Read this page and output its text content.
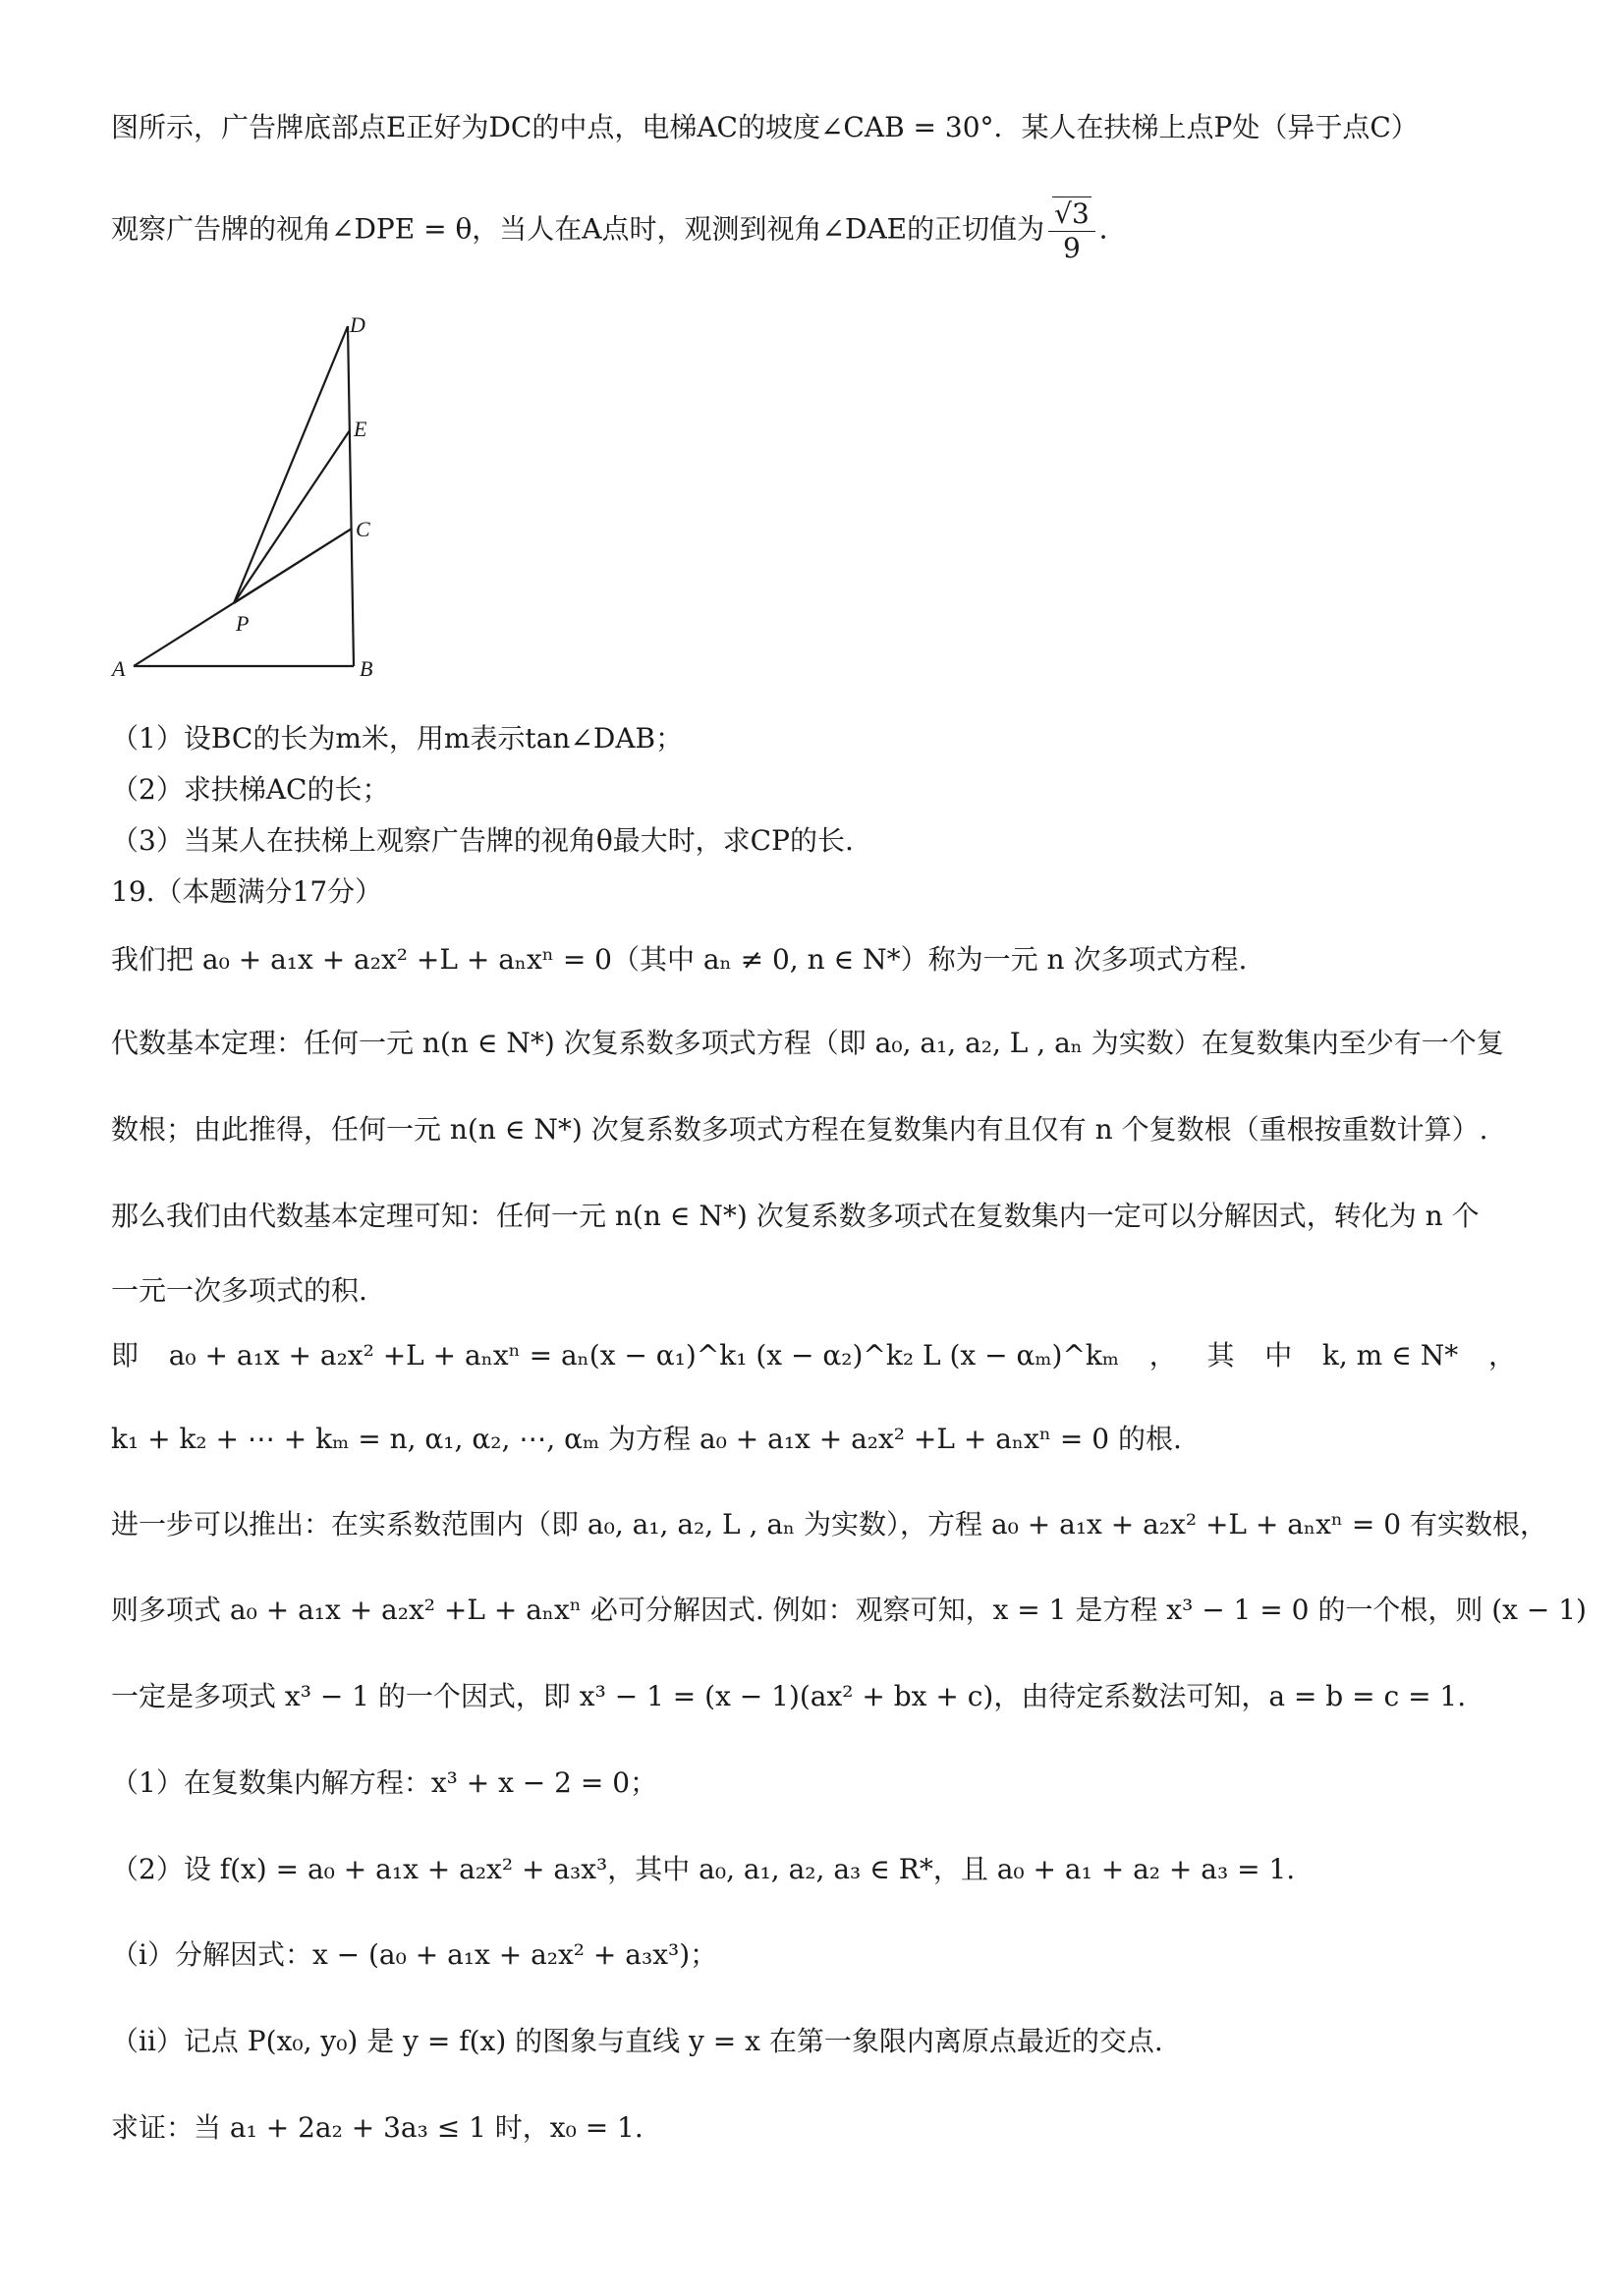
图所示，广告牌底部点E正好为DC的中点，电梯AC的坡度∠CAB = 30°．某人在扶梯上点P处（异于点C）
观察广告牌的视角∠DPE = θ，当人在A点时，观测到视角∠DAE的正切值为 $\frac{√3}{9}$ ．
D
E
C
P
A	B
（1）设BC的长为m米，用m表示tan∠DAB；
（2）求扶梯AC的长；
（3）当某人在扶梯上观察广告牌的视角θ最大时，求CP的长.
19.（本题满分17分）
我们把 a₀ + a₁x + a₂x² +L + aₙxⁿ = 0（其中 aₙ ≠ 0, n ∈ N*）称为一元 n 次多项式方程.
代数基本定理：任何一元 n(n ∈ N*) 次复系数多项式方程（即 a₀, a₁, a₂, L , aₙ 为实数）在复数集内至少有一个复
数根；由此推得，任何一元 n(n ∈ N*) 次复系数多项式方程在复数集内有且仅有 n 个复数根（重根按重数计算）.
那么我们由代数基本定理可知：任何一元 n(n ∈ N*) 次复系数多项式在复数集内一定可以分解因式，转化为 n 个
一元一次多项式的积.
即 a₀ + a₁x + a₂x² +L + aₙxⁿ = aₙ(x − α₁)^k₁ (x − α₂)^k₂ L (x − αₘ)^kₘ ， 其 中 k, m ∈ N* ，
k₁ + k₂ + ⋯ + kₘ = n, α₁, α₂, ⋯, αₘ 为方程 a₀ + a₁x + a₂x² +L + aₙxⁿ = 0 的根.
进一步可以推出：在实系数范围内（即 a₀, a₁, a₂, L , aₙ 为实数），方程 a₀ + a₁x + a₂x² +L + aₙxⁿ = 0 有实数根，
则多项式 a₀ + a₁x + a₂x² +L + aₙxⁿ 必可分解因式. 例如：观察可知，x = 1 是方程 x³ − 1 = 0 的一个根，则 (x − 1)
一定是多项式 x³ − 1 的一个因式，即 x³ − 1 = (x − 1)(ax² + bx + c)，由待定系数法可知，a = b = c = 1.
（1）在复数集内解方程：x³ + x − 2 = 0；
（2）设 f(x) = a₀ + a₁x + a₂x² + a₃x³，其中 a₀, a₁, a₂, a₃ ∈ R*，且 a₀ + a₁ + a₂ + a₃ = 1.
（ⅰ）分解因式：x − (a₀ + a₁x + a₂x² + a₃x³)；
（ⅱ）记点 P(x₀, y₀) 是 y = f(x) 的图象与直线 y = x 在第一象限内离原点最近的交点.
求证：当 a₁ + 2a₂ + 3a₃ ≤ 1 时，x₀ = 1.
